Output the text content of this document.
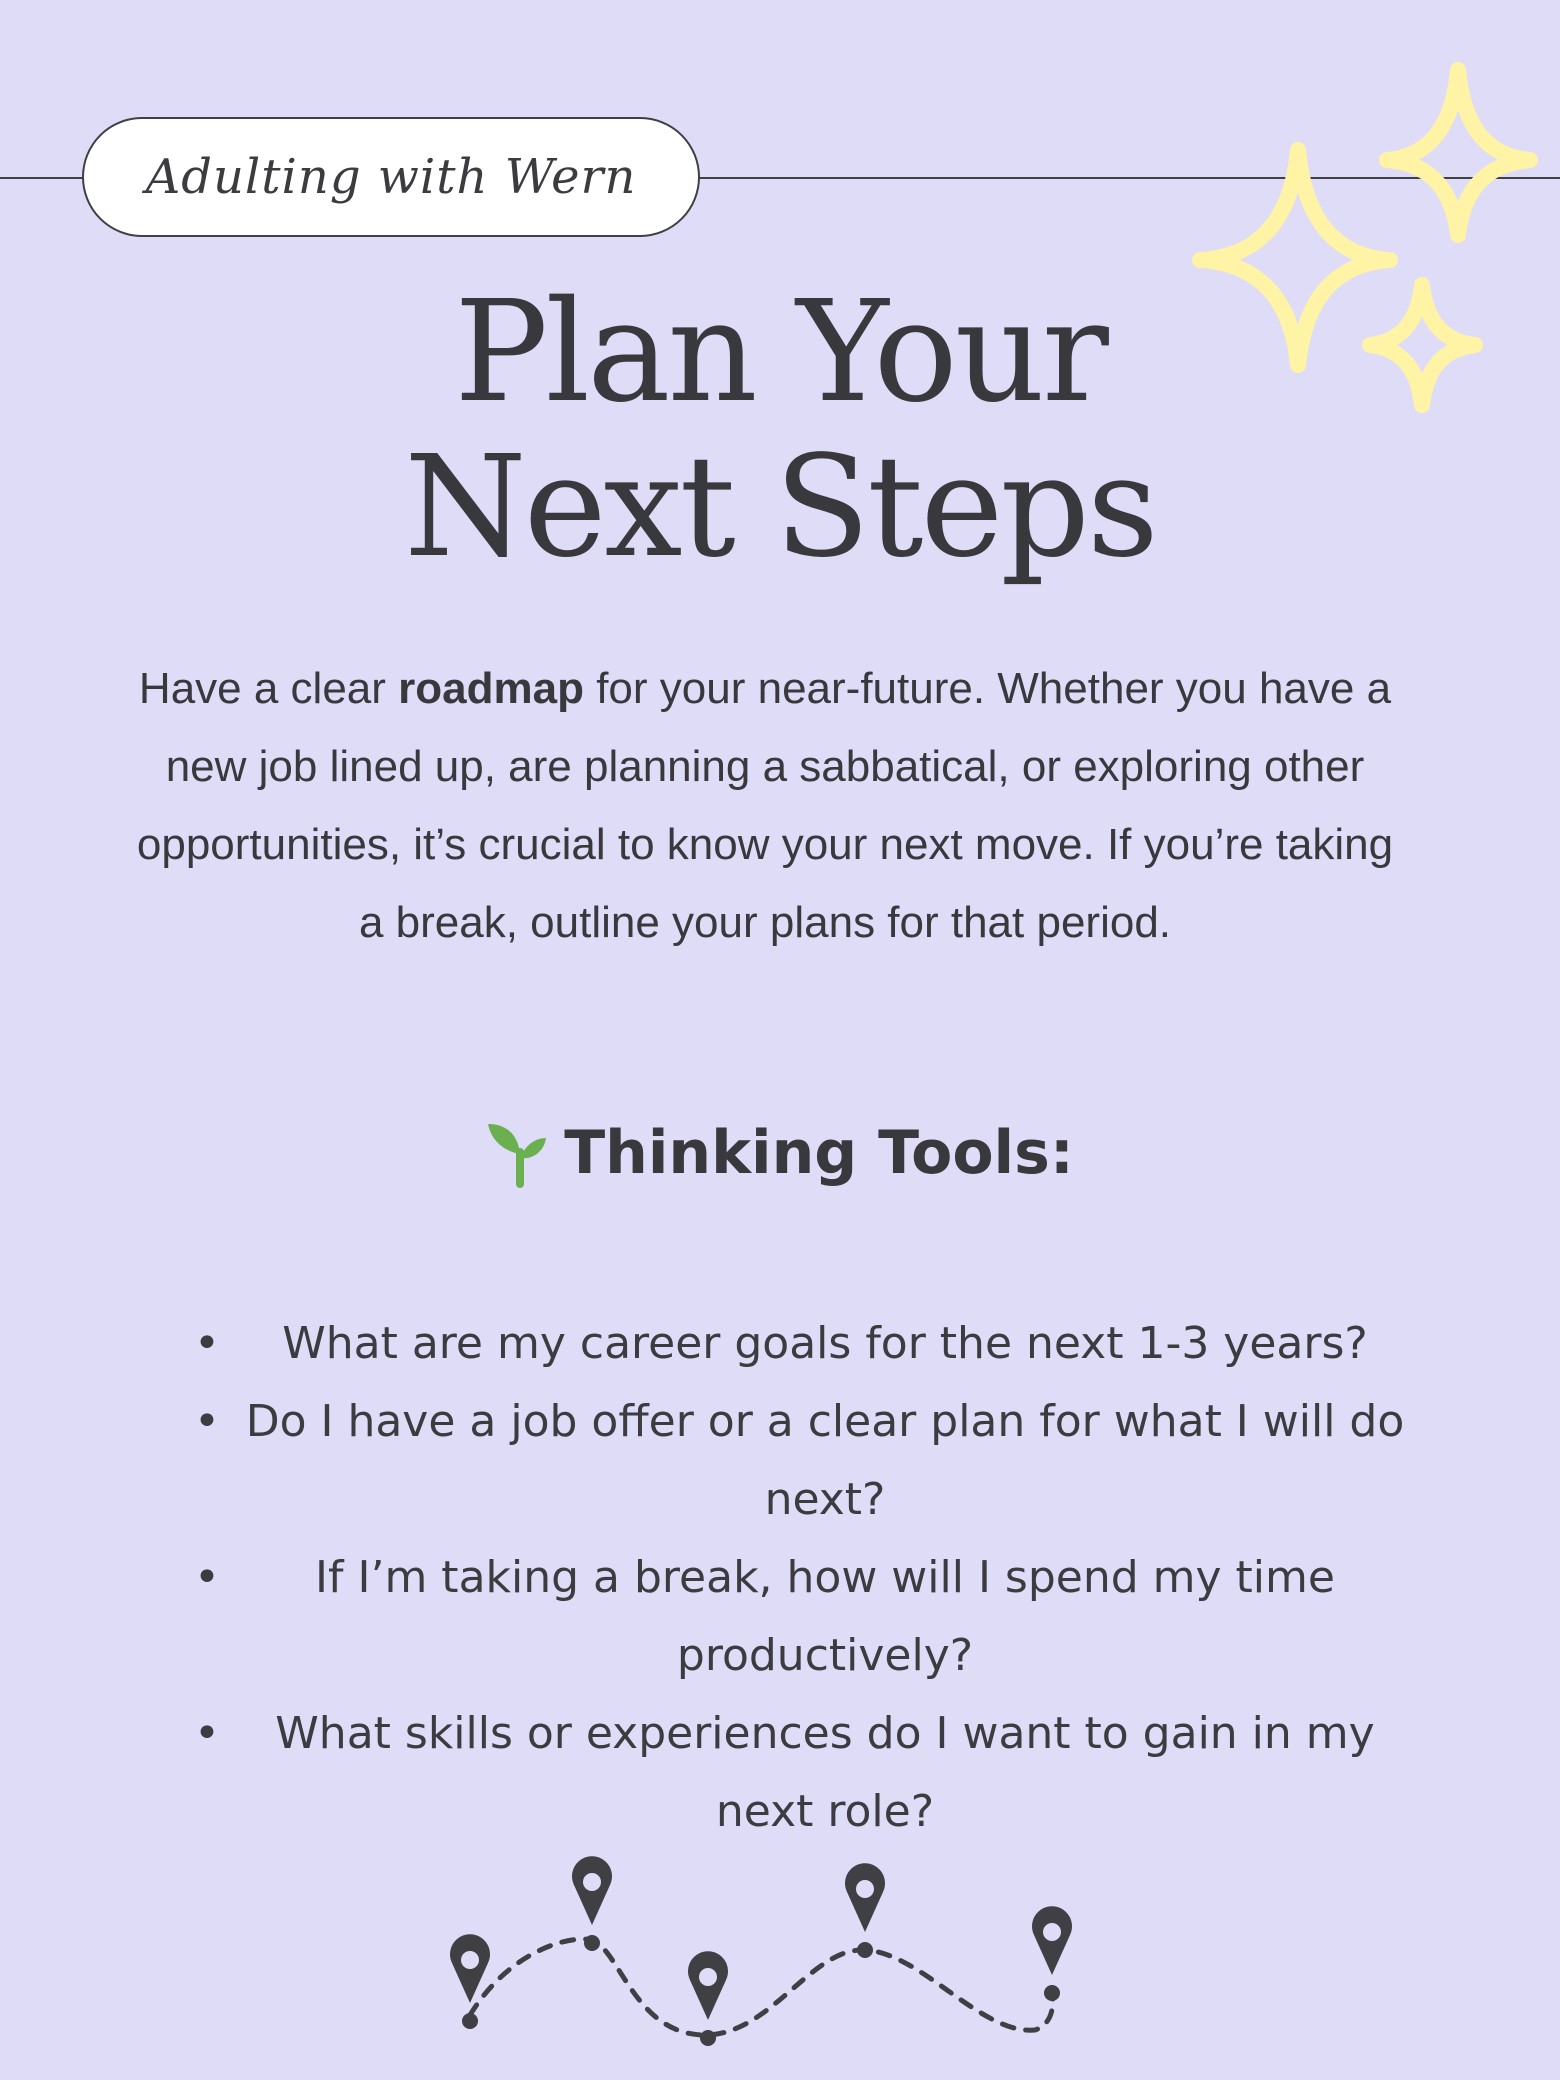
Adulting with Wern
Plan Your
Next Steps

Have a clear roadmap for your near-future. Whether you have a new job lined up, are planning a sabbatical, or exploring other opportunities, it’s crucial to know your next move. If you’re taking a break, outline your plans for that period.

Thinking Tools:
• What are my career goals for the next 1-3 years?
• Do I have a job offer or a clear plan for what I will do next?
• If I’m taking a break, how will I spend my time productively?
• What skills or experiences do I want to gain in my next role?
